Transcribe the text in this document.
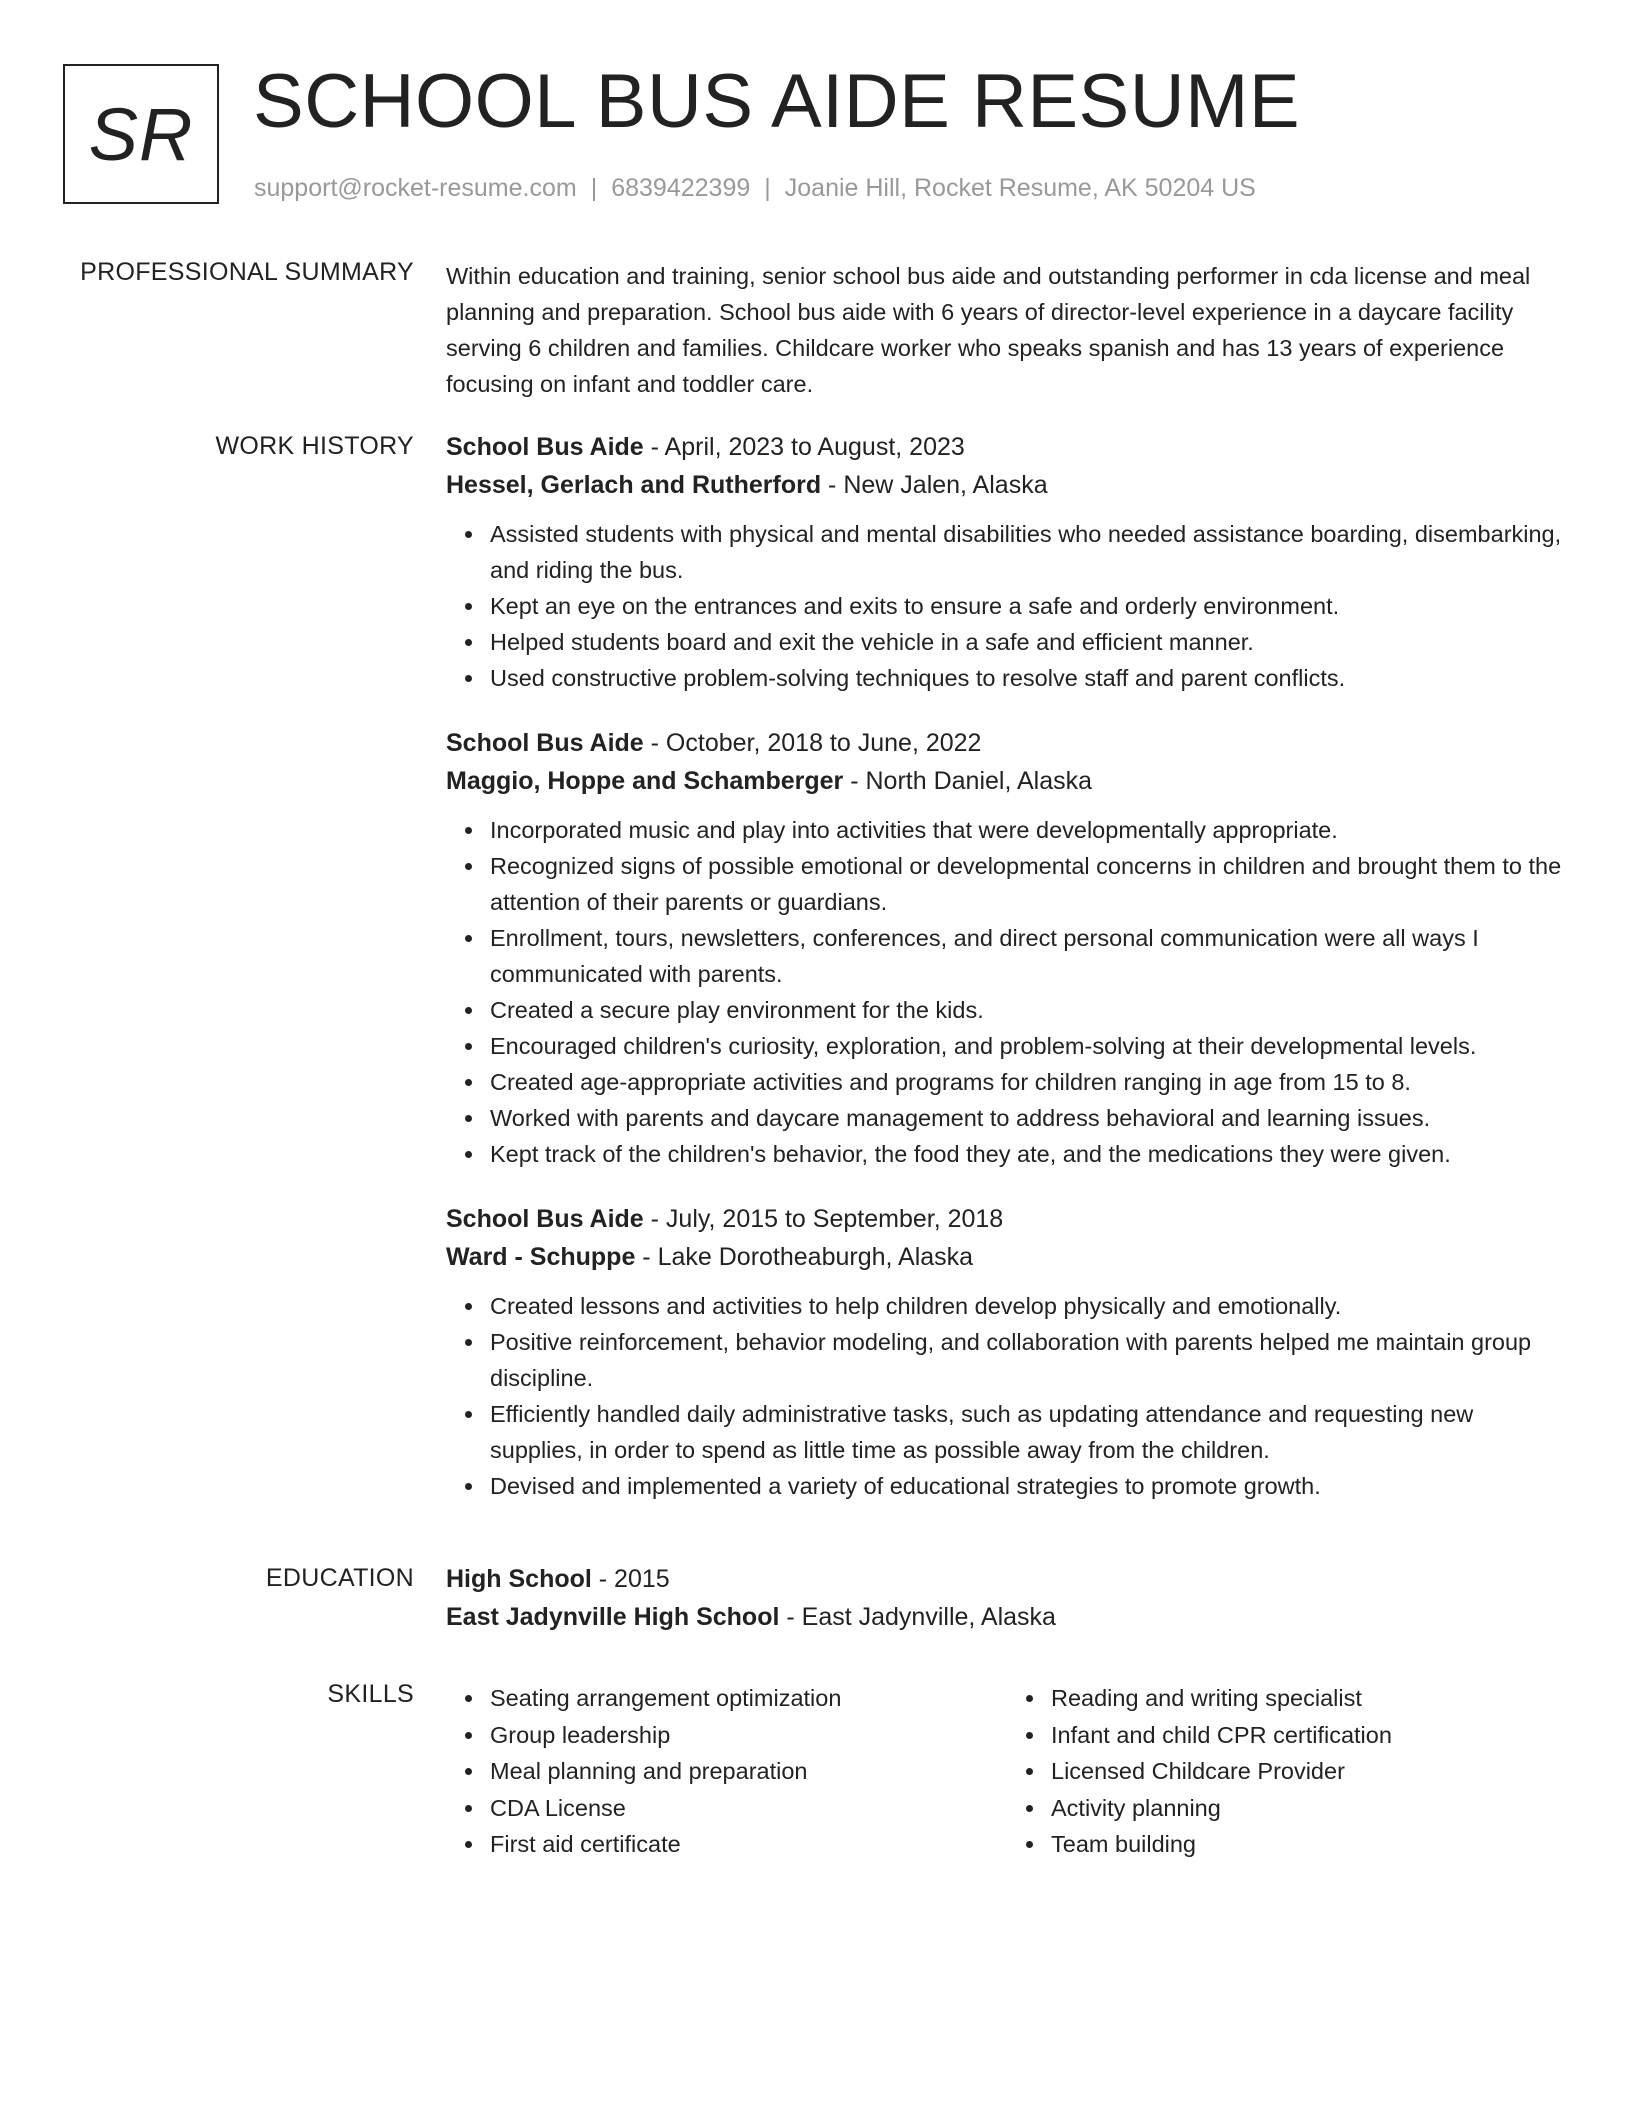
SR SCHOOL BUS AIDE RESUME
support@rocket-resume.com | 6839422399 | Joanie Hill, Rocket Resume, AK 50204 US
PROFESSIONAL SUMMARY Within education and training, senior school bus aide and outstanding performer in cda license and meal planning and preparation. School bus aide with 6 years of director-level experience in a daycare facility serving 6 children and families. Childcare worker who speaks spanish and has 13 years of experience focusing on infant and toddler care.

WORK HISTORY School Bus Aide - April, 2023 to August, 2023
Hessel, Gerlach and Rutherford - New Jalen, Alaska
Assisted students with physical and mental disabilities who needed assistance boarding, disembarking, and riding the bus.
Kept an eye on the entrances and exits to ensure a safe and orderly environment.
Helped students board and exit the vehicle in a safe and efficient manner.
Used constructive problem-solving techniques to resolve staff and parent conflicts.
School Bus Aide - October, 2018 to June, 2022
Maggio, Hoppe and Schamberger - North Daniel, Alaska
Incorporated music and play into activities that were developmentally appropriate.
Recognized signs of possible emotional or developmental concerns in children and brought them to the attention of their parents or guardians.
Enrollment, tours, newsletters, conferences, and direct personal communication were all ways I communicated with parents.
Created a secure play environment for the kids.
Encouraged children's curiosity, exploration, and problem-solving at their developmental levels.
Created age-appropriate activities and programs for children ranging in age from 15 to 8.
Worked with parents and daycare management to address behavioral and learning issues.
Kept track of the children's behavior, the food they ate, and the medications they were given.
School Bus Aide - July, 2015 to September, 2018
Ward - Schuppe - Lake Dorotheaburgh, Alaska
Created lessons and activities to help children develop physically and emotionally.
Positive reinforcement, behavior modeling, and collaboration with parents helped me maintain group discipline.
Efficiently handled daily administrative tasks, such as updating attendance and requesting new supplies, in order to spend as little time as possible away from the children.
Devised and implemented a variety of educational strategies to promote growth.
EDUCATION High School - 2015
East Jadynville High School - East Jadynville, Alaska
SKILLS	Seating arrangement optimization
Group leadership
Meal planning and preparation
CDA License
First aid certificate
Reading and writing specialist
Infant and child CPR certification
Licensed Childcare Provider
Activity planning
Team building
